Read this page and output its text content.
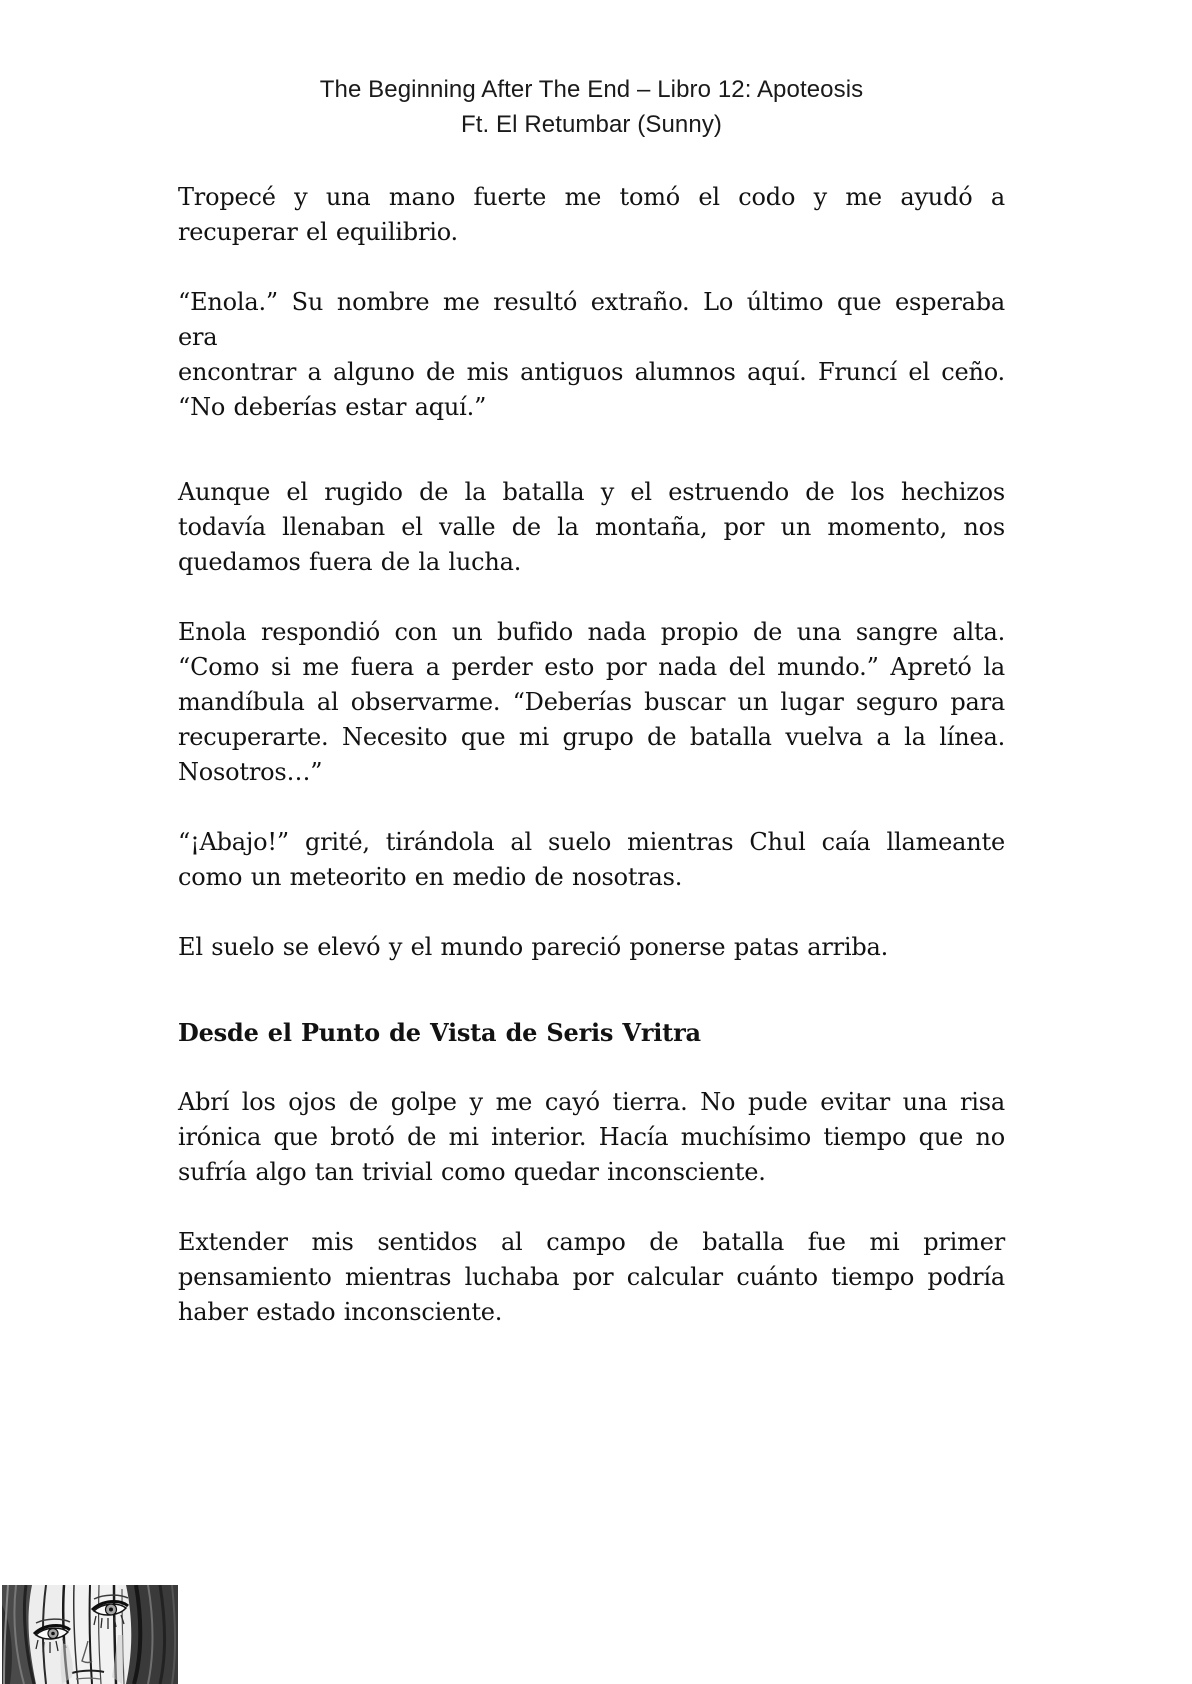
The Beginning After The End – Libro 12: Apoteosis
Ft. El Retumbar (Sunny)

Tropecé y una mano fuerte me tomó el codo y me ayudó a
recuperar el equilibrio.

“Enola.” Su nombre me resultó extraño. Lo último que esperaba era
encontrar a alguno de mis antiguos alumnos aquí. Fruncí el ceño.
“No deberías estar aquí.”

Aunque el rugido de la batalla y el estruendo de los hechizos
todavía llenaban el valle de la montaña, por un momento, nos
quedamos fuera de la lucha.

Enola respondió con un bufido nada propio de una sangre alta.
“Como si me fuera a perder esto por nada del mundo.” Apretó la
mandíbula al observarme. “Deberías buscar un lugar seguro para
recuperarte. Necesito que mi grupo de batalla vuelva a la línea.
Nosotros…”

“¡Abajo!” grité, tirándola al suelo mientras Chul caía llameante
como un meteorito en medio de nosotras.

El suelo se elevó y el mundo pareció ponerse patas arriba.

Desde el Punto de Vista de Seris Vritra

Abrí los ojos de golpe y me cayó tierra. No pude evitar una risa
irónica que brotó de mi interior. Hacía muchísimo tiempo que no
sufría algo tan trivial como quedar inconsciente.

Extender mis sentidos al campo de batalla fue mi primer
pensamiento mientras luchaba por calcular cuánto tiempo podría
haber estado inconsciente.
